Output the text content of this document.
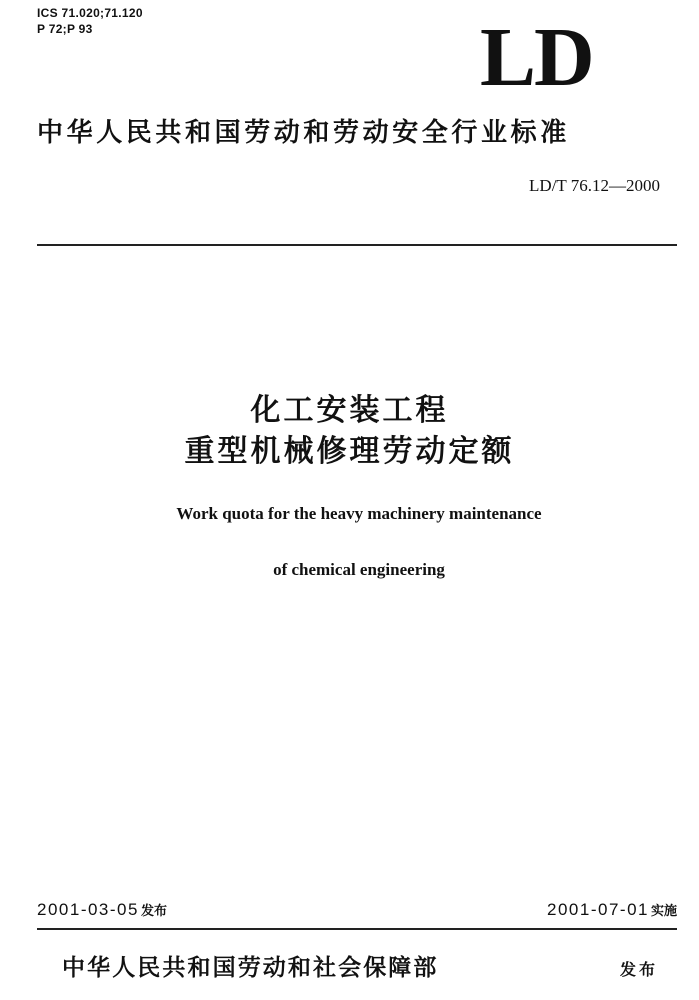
ICS 71.020;71.120
P 72;P 93	LD
中华人民共和国劳动和劳动安全行业标准
LD/T 76.12—2000
化工安装工程
重型机械修理劳动定额
Work quota for the heavy machinery maintenance
of chemical engineering
2001-03-05 发布	2001-07-01 实施
中华人民共和国劳动和社会保障部	发布
